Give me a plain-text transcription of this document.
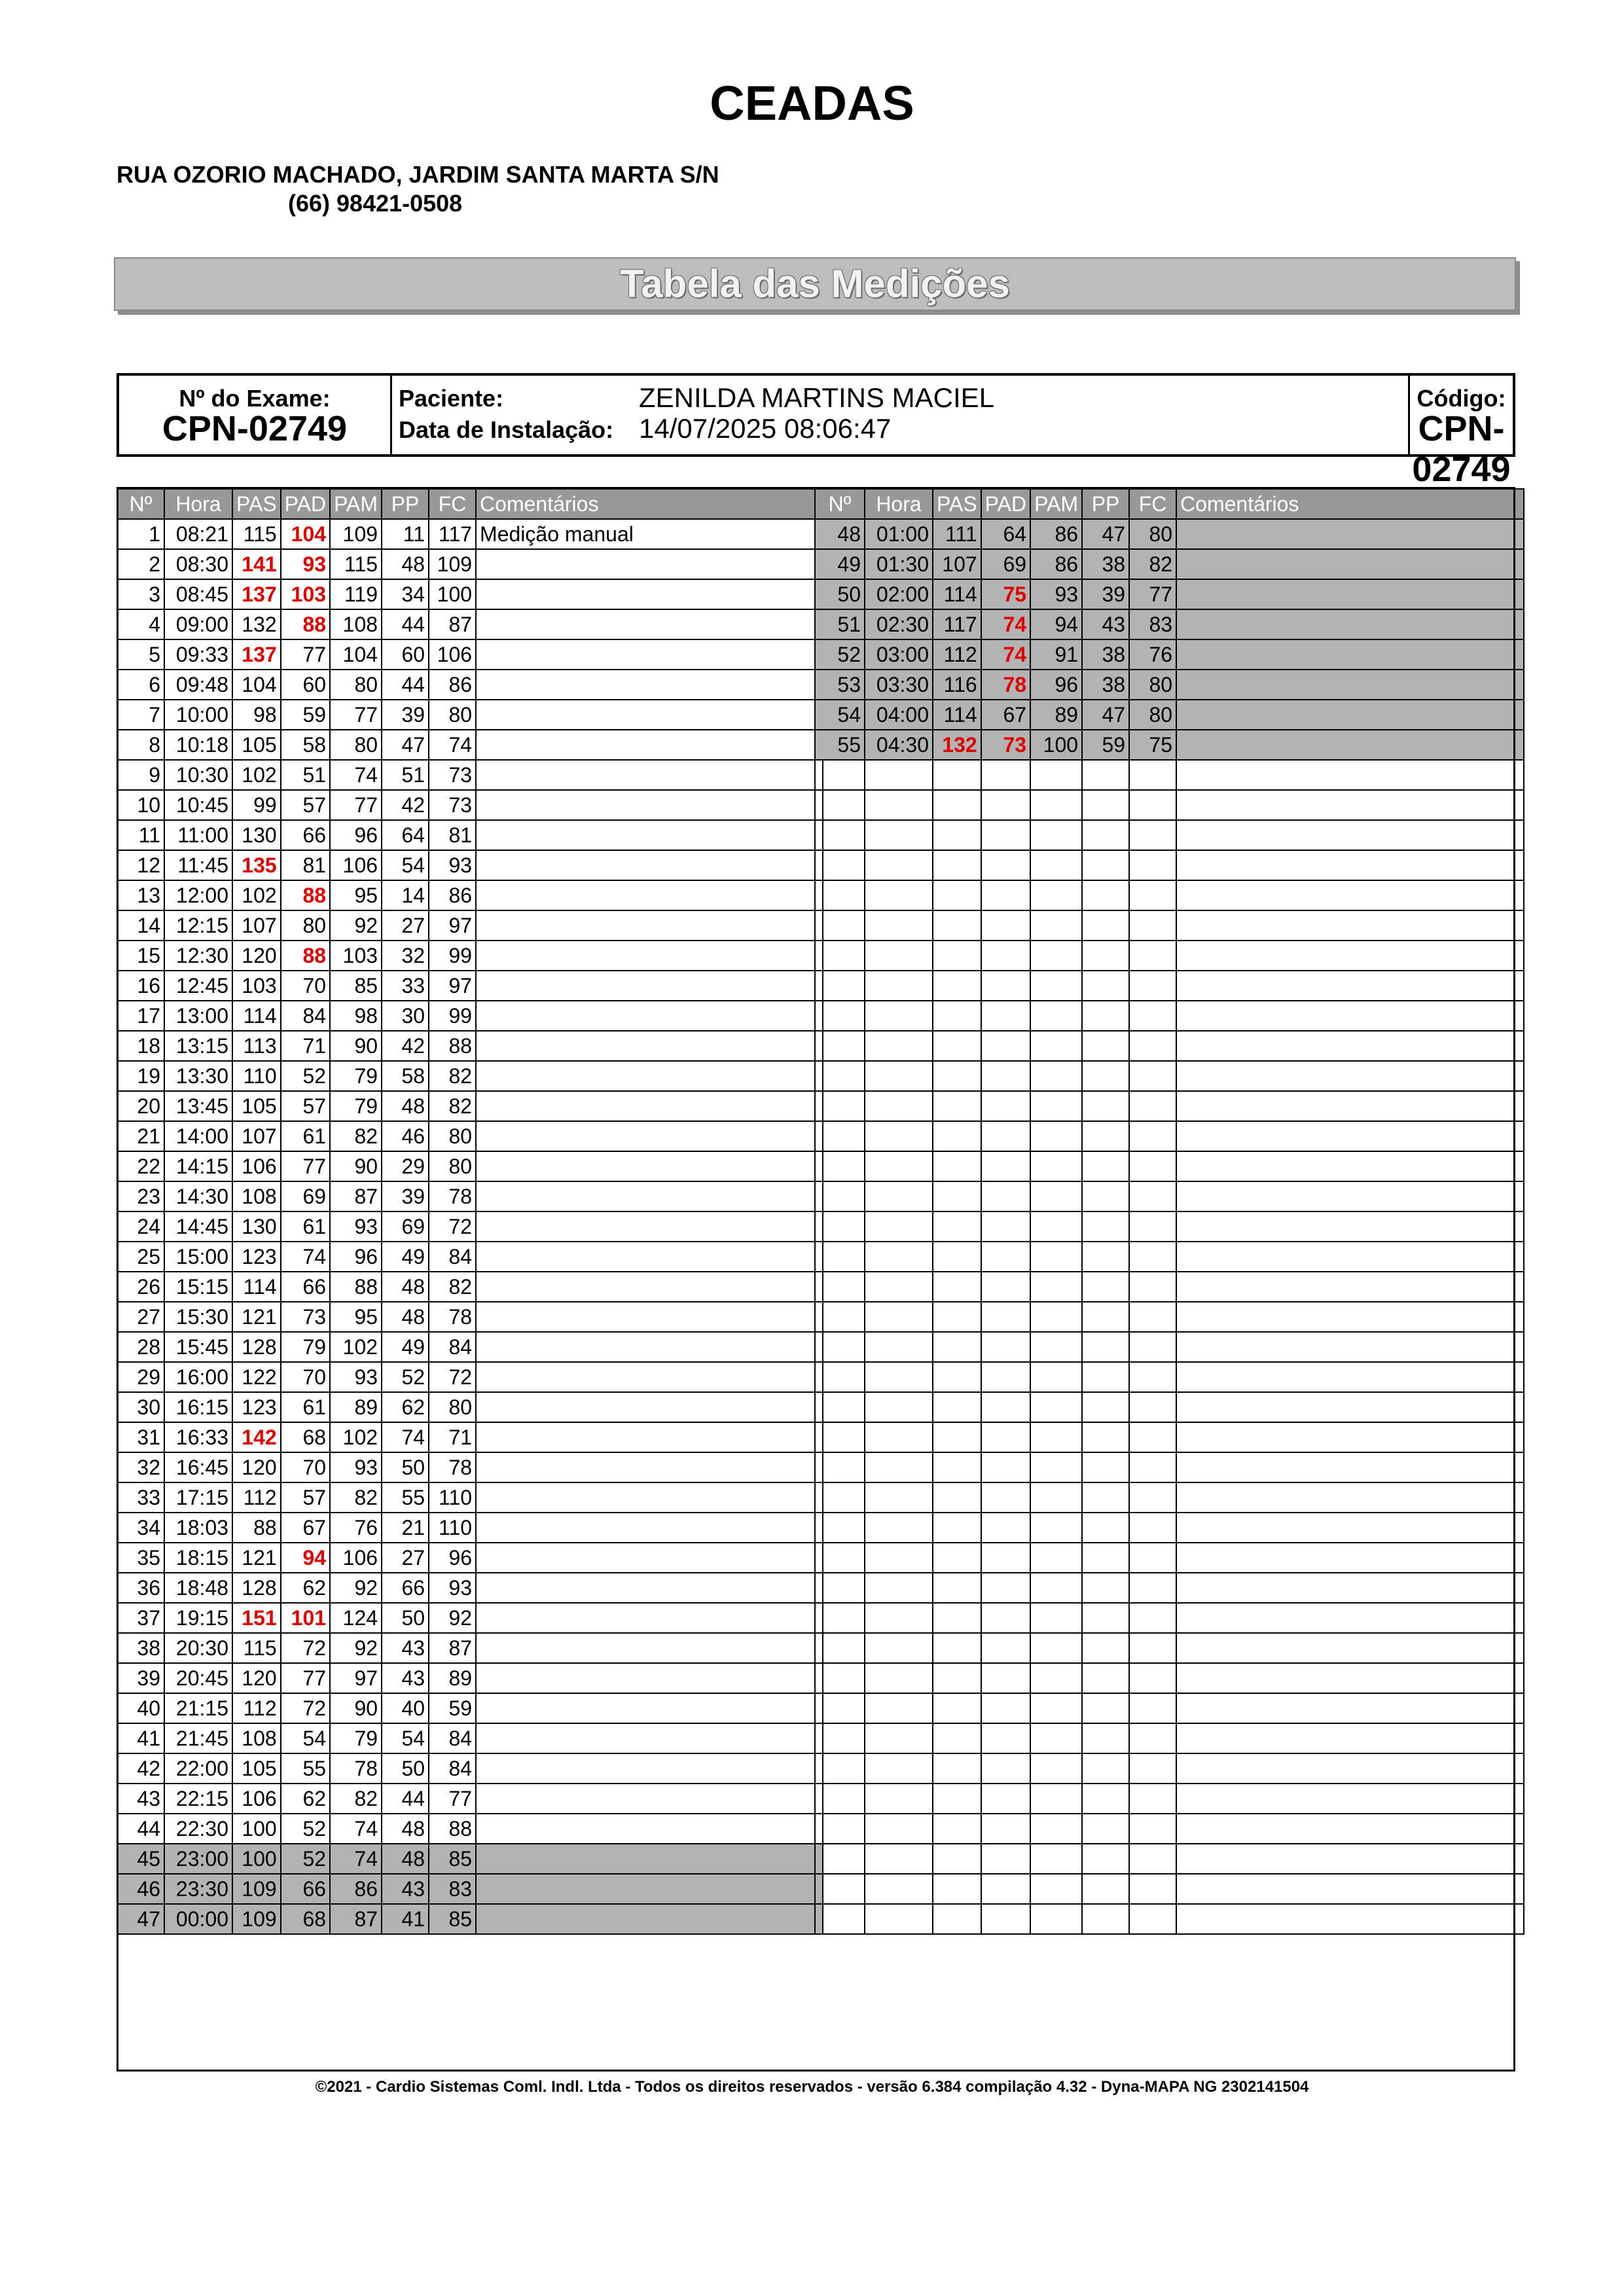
CEADAS
RUA OZORIO MACHADO, JARDIM SANTA MARTA S/N
(66) 98421-0508
Tabela das Medições
Nº do Exame:
CPN-02749
Paciente:
Data de Instalação:
ZENILDA MARTINS MACIEL
14/07/2025 08:06:47
Código:
CPN-02749
Nº	Hora	PAS	PAD	PAM	PP	FC	Comentários
1	08:21	115	104	109	11	117	Medição manual
2	08:30	141	93	115	48	109	
3	08:45	137	103	119	34	100	
4	09:00	132	88	108	44	87	
5	09:33	137	77	104	60	106	
6	09:48	104	60	80	44	86	
7	10:00	98	59	77	39	80	
8	10:18	105	58	80	47	74	
9	10:30	102	51	74	51	73	
10	10:45	99	57	77	42	73	
11	11:00	130	66	96	64	81	
12	11:45	135	81	106	54	93	
13	12:00	102	88	95	14	86	
14	12:15	107	80	92	27	97	
15	12:30	120	88	103	32	99	
16	12:45	103	70	85	33	97	
17	13:00	114	84	98	30	99	
18	13:15	113	71	90	42	88	
19	13:30	110	52	79	58	82	
20	13:45	105	57	79	48	82	
21	14:00	107	61	82	46	80	
22	14:15	106	77	90	29	80	
23	14:30	108	69	87	39	78	
24	14:45	130	61	93	69	72	
25	15:00	123	74	96	49	84	
26	15:15	114	66	88	48	82	
27	15:30	121	73	95	48	78	
28	15:45	128	79	102	49	84	
29	16:00	122	70	93	52	72	
30	16:15	123	61	89	62	80	
31	16:33	142	68	102	74	71	
32	16:45	120	70	93	50	78	
33	17:15	112	57	82	55	110	
34	18:03	88	67	76	21	110	
35	18:15	121	94	106	27	96	
36	18:48	128	62	92	66	93	
37	19:15	151	101	124	50	92	
38	20:30	115	72	92	43	87	
39	20:45	120	77	97	43	89	
40	21:15	112	72	90	40	59	
41	21:45	108	54	79	54	84	
42	22:00	105	55	78	50	84	
43	22:15	106	62	82	44	77	
44	22:30	100	52	74	48	88	
45	23:00	100	52	74	48	85	
46	23:30	109	66	86	43	83	
47	00:00	109	68	87	41	85	
Nº	Hora	PAS	PAD	PAM	PP	FC	Comentários
48	01:00	111	64	86	47	80	
49	01:30	107	69	86	38	82	
50	02:00	114	75	93	39	77	
51	02:30	117	74	94	43	83	
52	03:00	112	74	91	38	76	
53	03:30	116	78	96	38	80	
54	04:00	114	67	89	47	80	
55	04:30	132	73	100	59	75	

©2021 - Cardio Sistemas Coml. Indl. Ltda - Todos os direitos reservados - versão 6.384 compilação 4.32 - Dyna-MAPA NG 2302141504
